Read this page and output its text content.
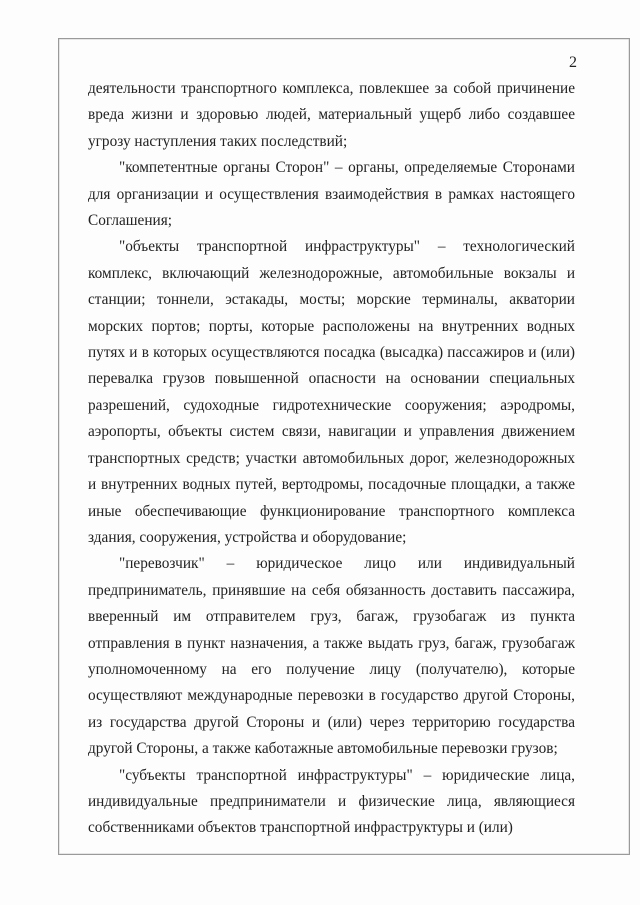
2

деятельности транспортного комплекса, повлекшее за собой причинение вреда жизни и здоровью людей, материальный ущерб либо создавшее угрозу наступления таких последствий;

"компетентные органы Сторон" – органы, определяемые Сторонами для организации и осуществления взаимодействия в рамках настоящего Соглашения;

"объекты транспортной инфраструктуры" – технологический комплекс, включающий железнодорожные, автомобильные вокзалы и станции; тоннели, эстакады, мосты; морские терминалы, акватории морских портов; порты, которые расположены на внутренних водных путях и в которых осуществляются посадка (высадка) пассажиров и (или) перевалка грузов повышенной опасности на основании специальных разрешений, судоходные гидротехнические сооружения; аэродромы, аэропорты, объекты систем связи, навигации и управления движением транспортных средств; участки автомобильных дорог, железнодорожных и внутренних водных путей, вертодромы, посадочные площадки, а также иные обеспечивающие функционирование транспортного комплекса здания, сооружения, устройства и оборудование;

"перевозчик" – юридическое лицо или индивидуальный предприниматель, принявшие на себя обязанность доставить пассажира, вверенный им отправителем груз, багаж, грузобагаж из пункта отправления в пункт назначения, а также выдать груз, багаж, грузобагаж уполномоченному на его получение лицу (получателю), которые осуществляют международные перевозки в государство другой Стороны, из государства другой Стороны и (или) через территорию государства другой Стороны, а также каботажные автомобильные перевозки грузов;

"субъекты транспортной инфраструктуры" – юридические лица, индивидуальные предприниматели и физические лица, являющиеся собственниками объектов транспортной инфраструктуры и (или)
